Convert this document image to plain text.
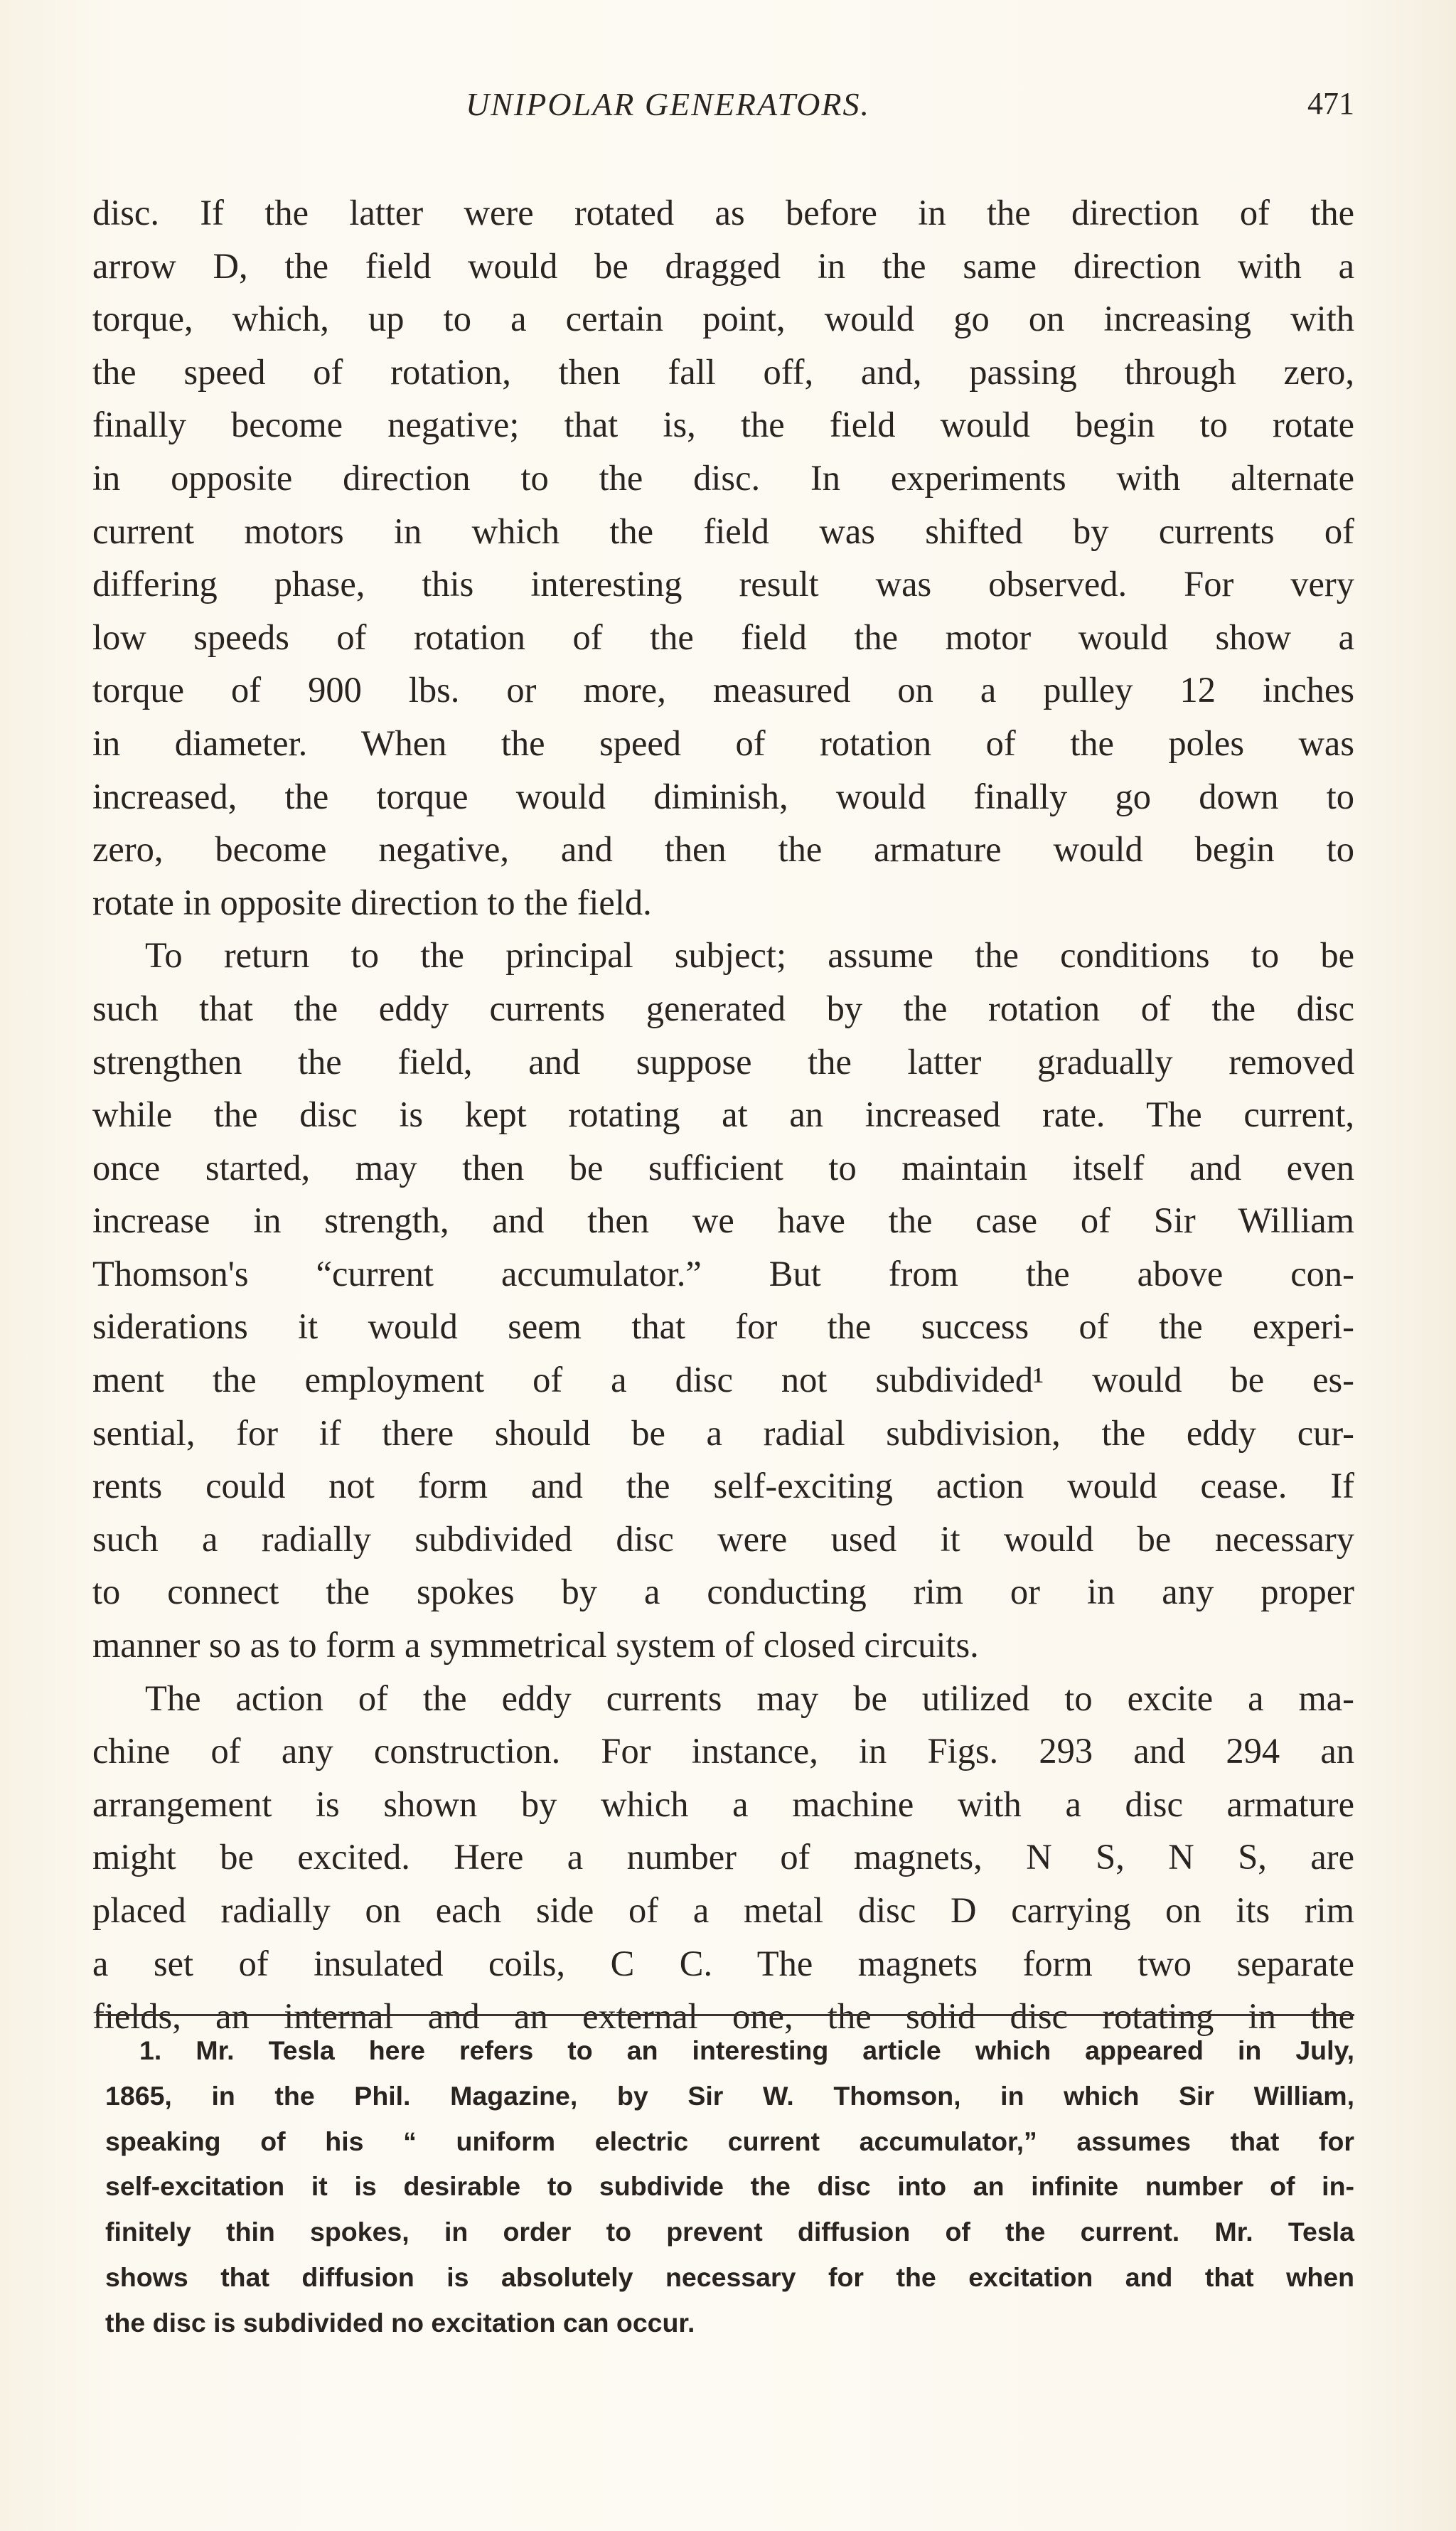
UNIPOLAR GENERATORS.	471
disc. If the latter were rotated as before in the direction of the
arrow D, the field would be dragged in the same direction with a
torque, which, up to a certain point, would go on increasing with
the speed of rotation, then fall off, and, passing through zero,
finally become negative; that is, the field would begin to rotate
in opposite direction to the disc. In experiments with alternate
current motors in which the field was shifted by currents of
differing phase, this interesting result was observed. For very
low speeds of rotation of the field the motor would show a
torque of 900 lbs. or more, measured on a pulley 12 inches
in diameter. When the speed of rotation of the poles was
increased, the torque would diminish, would finally go down to
zero, become negative, and then the armature would begin to
rotate in opposite direction to the field.
To return to the principal subject; assume the conditions to be
such that the eddy currents generated by the rotation of the disc
strengthen the field, and suppose the latter gradually removed
while the disc is kept rotating at an increased rate. The current,
once started, may then be sufficient to maintain itself and even
increase in strength, and then we have the case of Sir William
Thomson's “current accumulator.” But from the above con-
siderations it would seem that for the success of the experi-
ment the employment of a disc not subdivided¹ would be es-
sential, for if there should be a radial subdivision, the eddy cur-
rents could not form and the self-exciting action would cease. If
such a radially subdivided disc were used it would be necessary
to connect the spokes by a conducting rim or in any proper
manner so as to form a symmetrical system of closed circuits.
The action of the eddy currents may be utilized to excite a ma-
chine of any construction. For instance, in Figs. 293 and 294 an
arrangement is shown by which a machine with a disc armature
might be excited. Here a number of magnets, N S, N S, are
placed radially on each side of a metal disc D carrying on its rim
a set of insulated coils, C C. The magnets form two separate
fields, an internal and an external one, the solid disc rotating in the
1. Mr. Tesla here refers to an interesting article which appeared in July,
1865, in the Phil. Magazine, by Sir W. Thomson, in which Sir William,
speaking of his “ uniform electric current accumulator,” assumes that for
self-excitation it is desirable to subdivide the disc into an infinite number of in-
finitely thin spokes, in order to prevent diffusion of the current. Mr. Tesla
shows that diffusion is absolutely necessary for the excitation and that when
the disc is subdivided no excitation can occur.
